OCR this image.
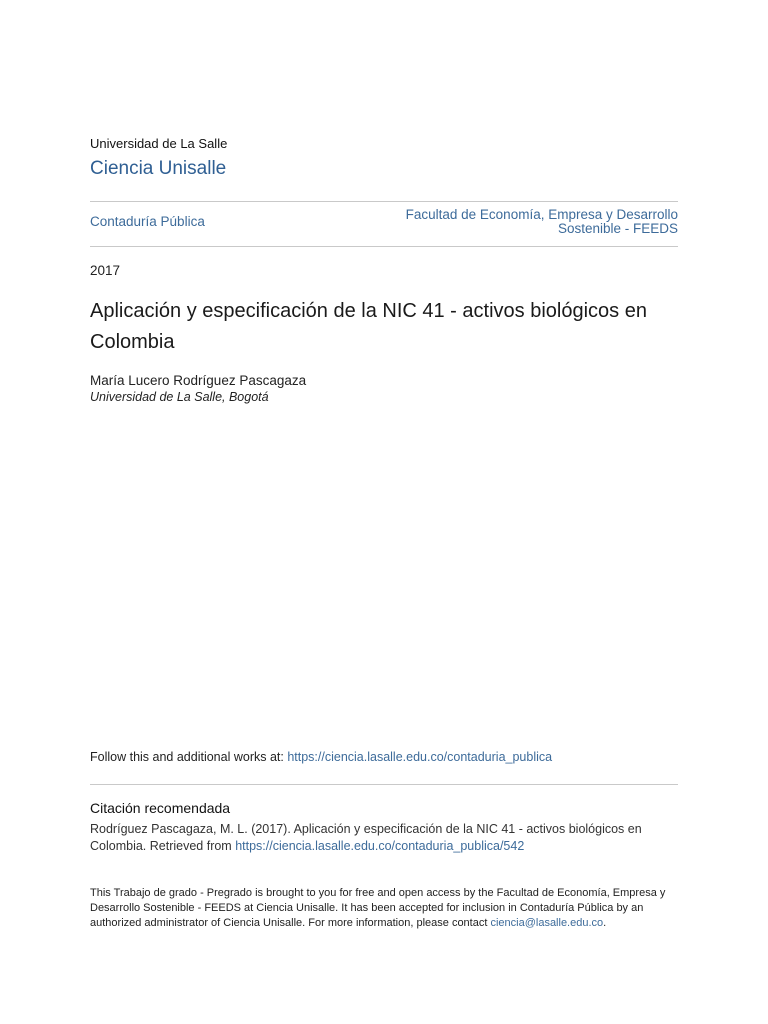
Universidad de La Salle
Ciencia Unisalle
Contaduría Pública	Facultad de Economía, Empresa y Desarrollo
Sostenible - FEEDS
2017
Aplicación y especificación de la NIC 41 - activos biológicos en Colombia
María Lucero Rodríguez Pascagaza
Universidad de La Salle, Bogotá
Follow this and additional works at: https://ciencia.lasalle.edu.co/contaduria_publica
Citación recomendada
Rodríguez Pascagaza, M. L. (2017). Aplicación y especificación de la NIC 41 - activos biológicos en Colombia. Retrieved from https://ciencia.lasalle.edu.co/contaduria_publica/542
This Trabajo de grado - Pregrado is brought to you for free and open access by the Facultad de Economía, Empresa y Desarrollo Sostenible - FEEDS at Ciencia Unisalle. It has been accepted for inclusion in Contaduría Pública by an authorized administrator of Ciencia Unisalle. For more information, please contact ciencia@lasalle.edu.co.
